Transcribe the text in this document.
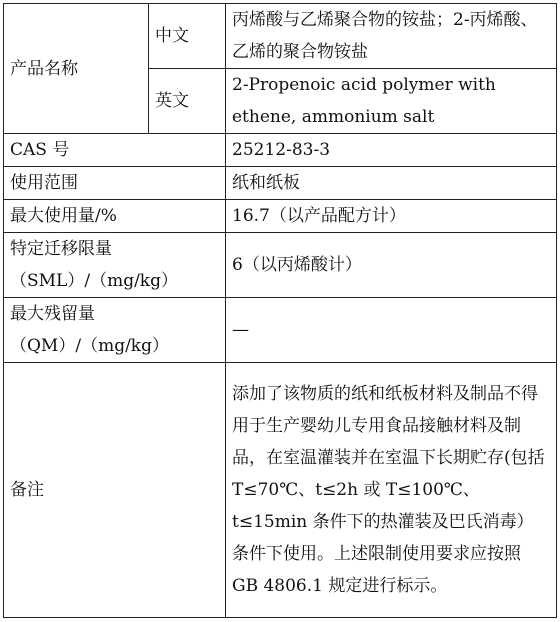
产品名称	中文	丙烯酸与乙烯聚合物的铵盐；2-丙烯酸、乙烯的聚合物铵盐
	英文	2-Propenoic acid polymer with ethene, ammonium salt
CAS 号		25212-83-3
使用范围		纸和纸板
最大使用量/%		16.7（以产品配方计）

特定迁移限量
（SML）/（mg/kg）		6（以丙烯酸计）

最大残留量
（QM）/（mg/kg）		—
备注		添加了该物质的纸和纸板材料及制品不得用于生产婴幼儿专用食品接触材料及制品，在室温灌装并在室温下长期贮存(包括 T≤70℃、t≤2h 或 T≤100℃、t≤15min 条件下的热灌装及巴氏消毒）条件下使用。上述限制使用要求应按照 GB 4806.1 规定进行标示。
